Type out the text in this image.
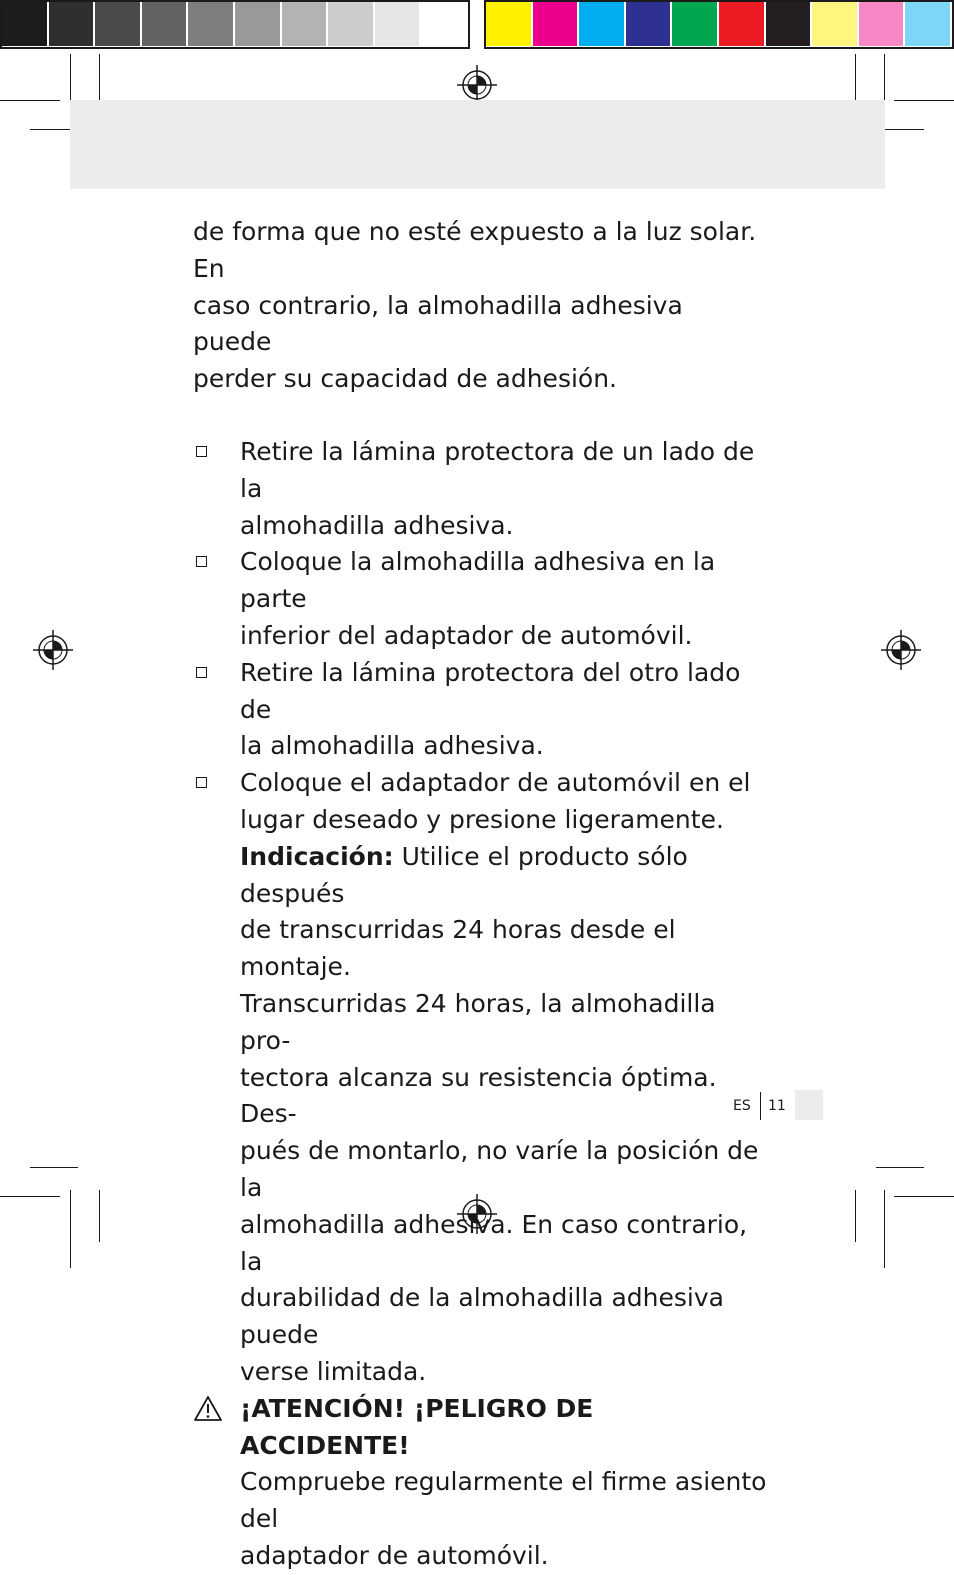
de forma que no esté expuesto a la luz solar. En

caso contrario, la almohadilla adhesiva puede

perder su capacidad de adhesión.

Retire la lámina protectora de un lado de la

almohadilla adhesiva.

Coloque la almohadilla adhesiva en la parte

inferior del adaptador de automóvil.

Retire la lámina protectora del otro lado de

la almohadilla adhesiva.

Coloque el adaptador de automóvil en el

lugar deseado y presione ligeramente.

Indicación: Utilice el producto sólo después

de transcurridas 24 horas desde el montaje.

Transcurridas 24 horas, la almohadilla pro-

tectora alcanza su resistencia óptima. Des-

pués de montarlo, no varíe la posición de la

almohadilla adhesiva. En caso contrario, la

durabilidad de la almohadilla adhesiva puede

verse limitada.

¡ATENCIÓN! ¡PELIGRO DE ACCIDENTE!

Compruebe regularmente el firme asiento del

adaptador de automóvil.

ES 11
